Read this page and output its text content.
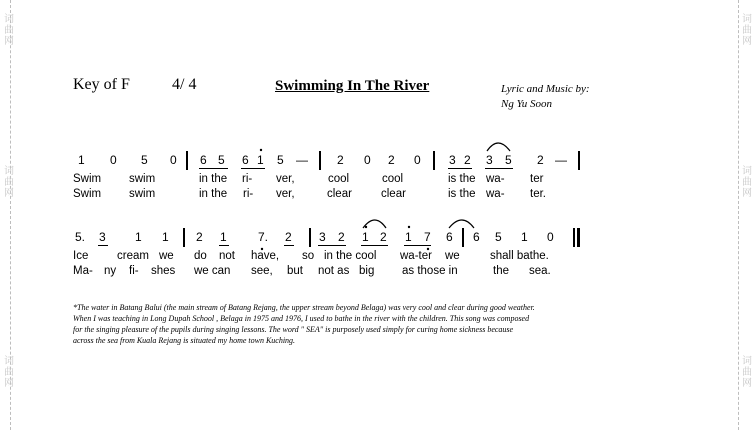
词
曲
网
词
曲
网
词
曲
网
词
曲
网
词
曲
网
词
曲
网
Key of F	4/ 4	Swimming In The River	Lyric and Music by:
Ng Yu Soon
1 0 5 0 6 5 6 1 5 — 2 0 2 0 3 2 3 5 2 —
Swim swim	in the ri- ver,	cool	cool	is the wa- ter
Swim swim	in the ri- ver,	clear	clear	is the wa- ter.
5. 3 1 1 2 1	7. 2 3 2 1 2 1 7 6 6 5 1 0
Ice cream we do not have, so in the cool wa-ter we	shall bathe.
Ma- ny fi- shes we can see, but not as big as those in	the sea.
*The water in Batang Balui (the main stream of Batang Rejang, the upper stream beyond Belaga) was very cool and clear during good weather.
When I was teaching in Long Dupah School , Belaga in 1975 and 1976, I used to bathe in the river with the children. This song was composed
for the singing pleasure of the pupils during singing lessons. The word " SEA" is purposely used simply for curing home sickness because
across the sea from Kuala Rejang is situated my home town Kuching.
